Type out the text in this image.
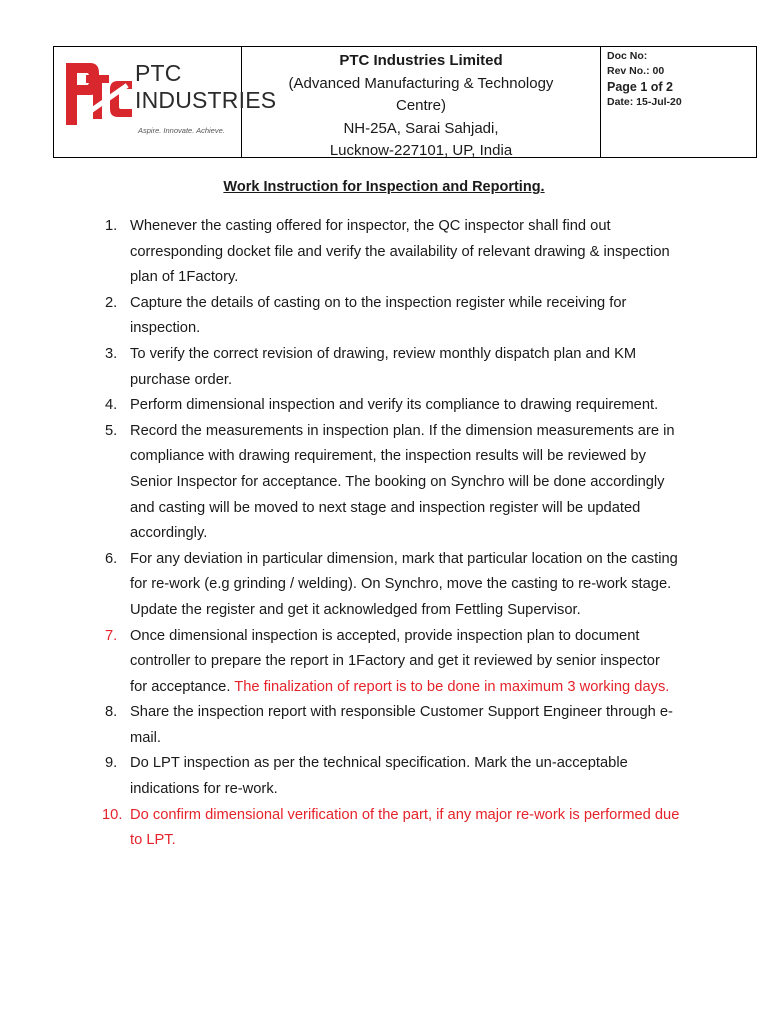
PTC
INDUSTRIES
Aspire. Innovate. Achieve.
PTC Industries Limited
(Advanced Manufacturing & Technology Centre)
NH-25A, Sarai Sahjadi,
Lucknow-227101, UP, India
Doc No:
Rev No.: 00
Page 1 of 2
Date: 15-Jul-20
Work Instruction for Inspection and Reporting.
1. Whenever the casting offered for inspector, the QC inspector shall find out corresponding docket file and verify the availability of relevant drawing & inspection plan of 1Factory.
2. Capture the details of casting on to the inspection register while receiving for inspection.
3. To verify the correct revision of drawing, review monthly dispatch plan and KM purchase order.
4. Perform dimensional inspection and verify its compliance to drawing requirement.
5. Record the measurements in inspection plan. If the dimension measurements are in compliance with drawing requirement, the inspection results will be reviewed by Senior Inspector for acceptance. The booking on Synchro will be done accordingly and casting will be moved to next stage and inspection register will be updated accordingly.
6. For any deviation in particular dimension, mark that particular location on the casting for re-work (e.g grinding / welding). On Synchro, move the casting to re-work stage. Update the register and get it acknowledged from Fettling Supervisor.
7. Once dimensional inspection is accepted, provide inspection plan to document controller to prepare the report in 1Factory and get it reviewed by senior inspector for acceptance. The finalization of report is to be done in maximum 3 working days.
8. Share the inspection report with responsible Customer Support Engineer through e-mail.
9. Do LPT inspection as per the technical specification. Mark the un-acceptable indications for re-work.
10. Do confirm dimensional verification of the part, if any major re-work is performed due to LPT.
